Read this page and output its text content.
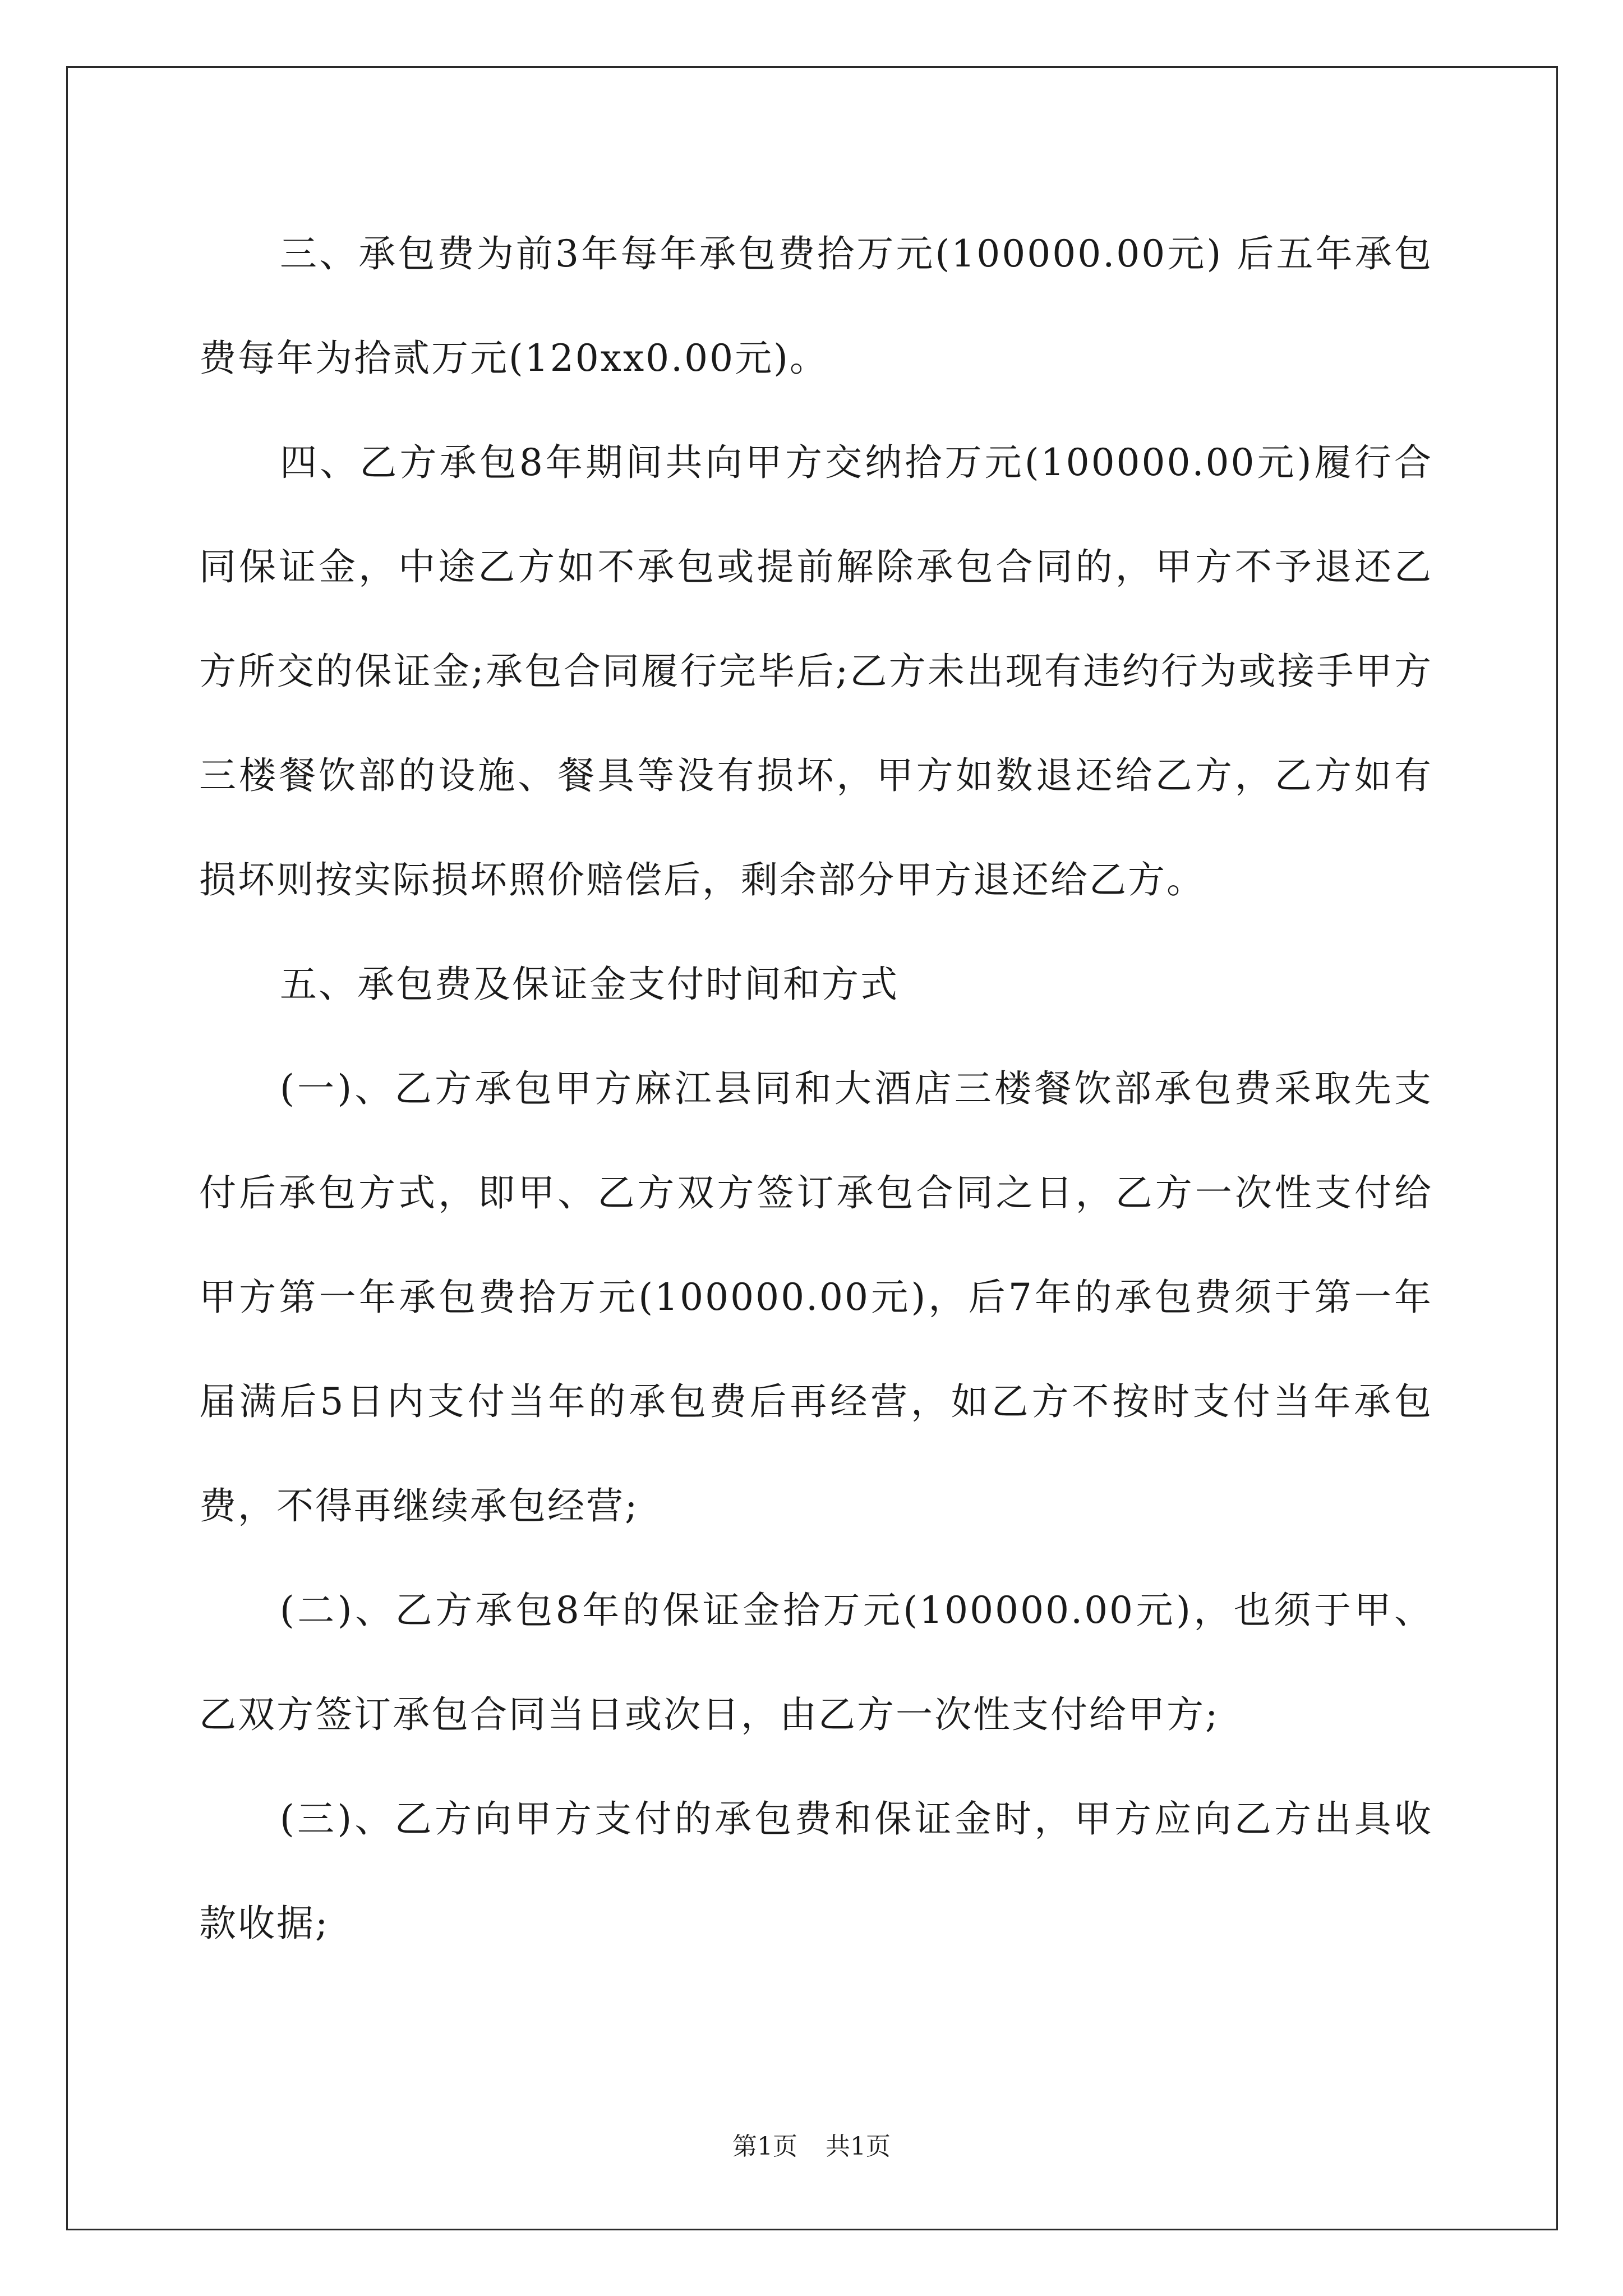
三、承包费为前3年每年承包费拾万元(100000.00元) 后五年承包费每年为拾贰万元(120xx0.00元)。

四、乙方承包8年期间共向甲方交纳拾万元(100000.00元)履行合同保证金，中途乙方如不承包或提前解除承包合同的，甲方不予退还乙方所交的保证金;承包合同履行完毕后;乙方未出现有违约行为或接手甲方三楼餐饮部的设施、餐具等没有损坏，甲方如数退还给乙方，乙方如有损坏则按实际损坏照价赔偿后，剩余部分甲方退还给乙方。

五、承包费及保证金支付时间和方式

(一)、乙方承包甲方麻江县同和大酒店三楼餐饮部承包费采取先支付后承包方式，即甲、乙方双方签订承包合同之日，乙方一次性支付给甲方第一年承包费拾万元(100000.00元)，后7年的承包费须于第一年届满后5日内支付当年的承包费后再经营，如乙方不按时支付当年承包费，不得再继续承包经营;

(二)、乙方承包8年的保证金拾万元(100000.00元)，也须于甲、乙双方签订承包合同当日或次日，由乙方一次性支付给甲方;

(三)、乙方向甲方支付的承包费和保证金时，甲方应向乙方出具收款收据;

第1页 共1页
